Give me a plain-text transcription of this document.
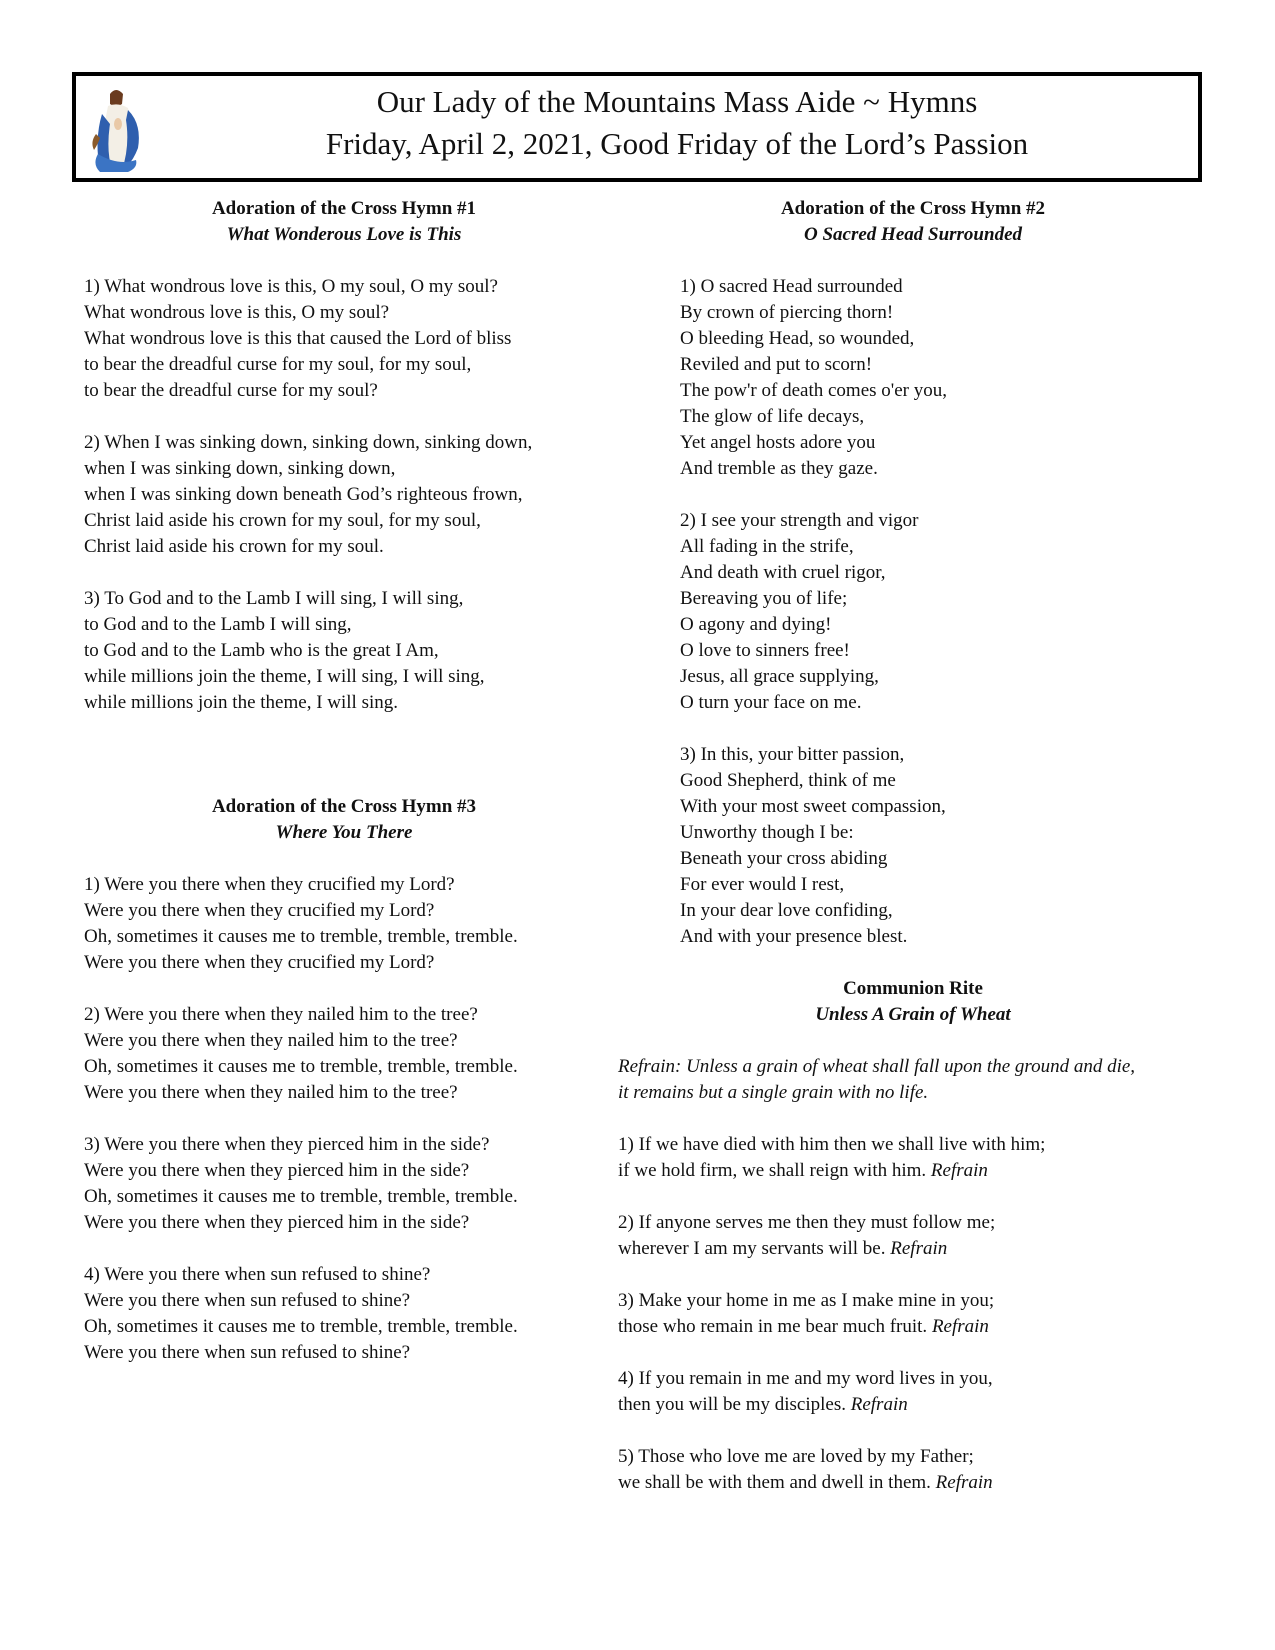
Our Lady of the Mountains Mass Aide ~ Hymns
Friday, April 2, 2021, Good Friday of the Lord’s Passion
Adoration of the Cross Hymn #1
What Wonderous Love is This
1) What wondrous love is this, O my soul, O my soul?
What wondrous love is this, O my soul?
What wondrous love is this that caused the Lord of bliss
to bear the dreadful curse for my soul, for my soul,
to bear the dreadful curse for my soul?
2) When I was sinking down, sinking down, sinking down,
when I was sinking down, sinking down,
when I was sinking down beneath God’s righteous frown,
Christ laid aside his crown for my soul, for my soul,
Christ laid aside his crown for my soul.
3) To God and to the Lamb I will sing, I will sing,
to God and to the Lamb I will sing,
to God and to the Lamb who is the great I Am,
while millions join the theme, I will sing, I will sing,
while millions join the theme, I will sing.
Adoration of the Cross Hymn #3
Where You There
1) Were you there when they crucified my Lord?
Were you there when they crucified my Lord?
Oh, sometimes it causes me to tremble, tremble, tremble.
Were you there when they crucified my Lord?
2) Were you there when they nailed him to the tree?
Were you there when they nailed him to the tree?
Oh, sometimes it causes me to tremble, tremble, tremble.
Were you there when they nailed him to the tree?
3) Were you there when they pierced him in the side?
Were you there when they pierced him in the side?
Oh, sometimes it causes me to tremble, tremble, tremble.
Were you there when they pierced him in the side?
4) Were you there when sun refused to shine?
Were you there when sun refused to shine?
Oh, sometimes it causes me to tremble, tremble, tremble.
Were you there when sun refused to shine?
Adoration of the Cross Hymn #2
O Sacred Head Surrounded
1) O sacred Head surrounded
By crown of piercing thorn!
O bleeding Head, so wounded,
Reviled and put to scorn!
The pow'r of death comes o'er you,
The glow of life decays,
Yet angel hosts adore you
And tremble as they gaze.
2) I see your strength and vigor
All fading in the strife,
And death with cruel rigor,
Bereaving you of life;
O agony and dying!
O love to sinners free!
Jesus, all grace supplying,
O turn your face on me.
3) In this, your bitter passion,
Good Shepherd, think of me
With your most sweet compassion,
Unworthy though I be:
Beneath your cross abiding
For ever would I rest,
In your dear love confiding,
And with your presence blest.
Communion Rite
Unless A Grain of Wheat
Refrain: Unless a grain of wheat shall fall upon the ground and die,
it remains but a single grain with no life.
1) If we have died with him then we shall live with him;
if we hold firm, we shall reign with him. Refrain
2) If anyone serves me then they must follow me;
wherever I am my servants will be. Refrain
3) Make your home in me as I make mine in you;
those who remain in me bear much fruit. Refrain
4) If you remain in me and my word lives in you,
then you will be my disciples. Refrain
5) Those who love me are loved by my Father;
we shall be with them and dwell in them. Refrain
